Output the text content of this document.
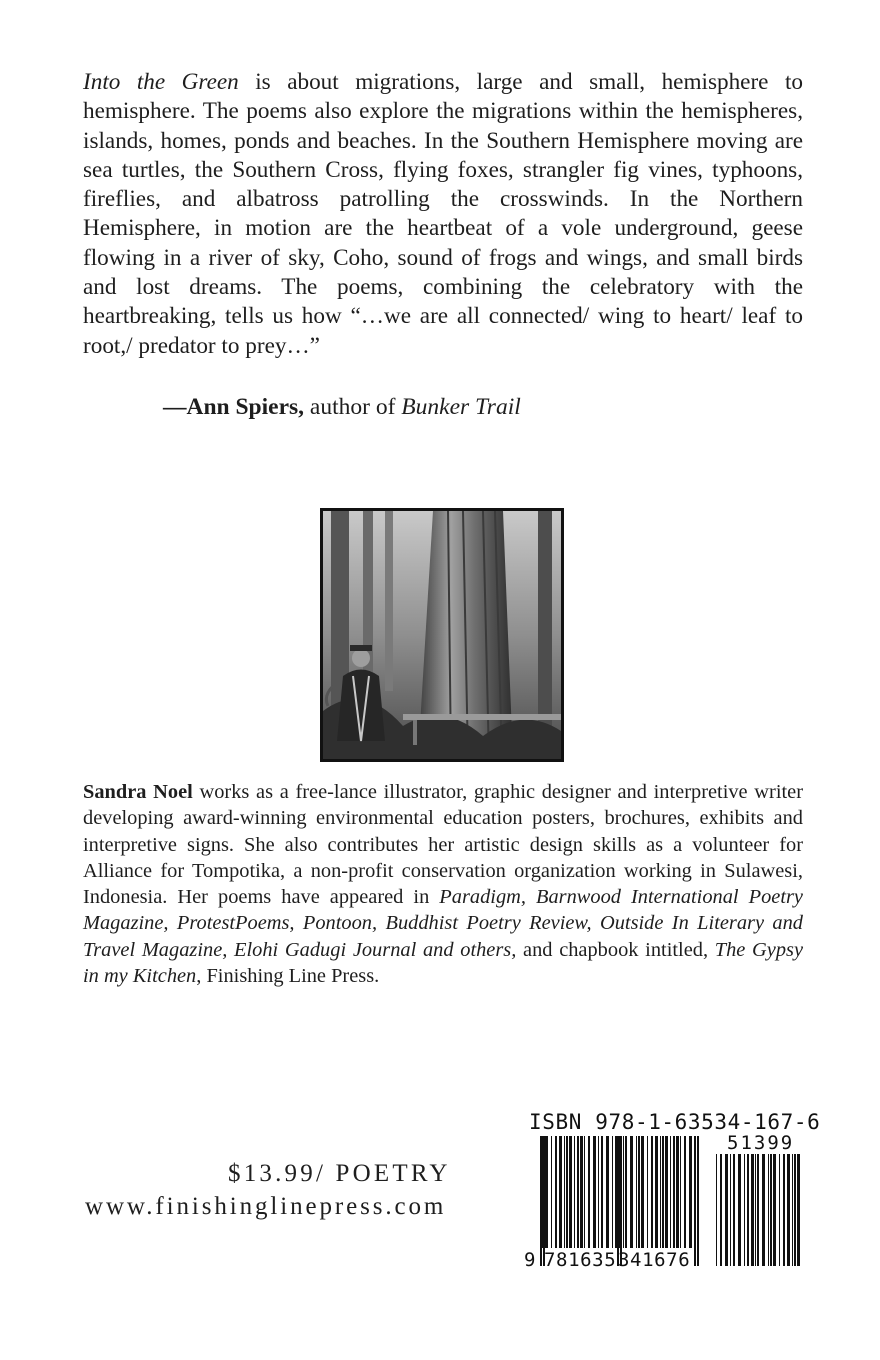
Into the Green is about migrations, large and small, hemisphere to hemisphere. The poems also explore the migrations within the hemispheres, islands, homes, ponds and beaches. In the Southern Hemisphere moving are sea turtles, the Southern Cross, flying foxes, strangler fig vines, typhoons, fireflies, and albatross patrolling the crosswinds. In the Northern Hemisphere, in motion are the heartbeat of a vole underground, geese flowing in a river of sky, Coho, sound of frogs and wings, and small birds and lost dreams. The poems, combining the celebratory with the heartbreaking, tells us how “…we are all connected/ wing to heart/ leaf to root,/ predator to prey…”

—Ann Spiers, author of Bunker Trail

Sandra Noel works as a free-lance illustrator, graphic designer and interpretive writer developing award-winning environmental education posters, brochures, exhibits and interpretive signs. She also contributes her artistic design skills as a volunteer for Alliance for Tompotika, a non-profit conservation organization working in Sulawesi, Indonesia. Her poems have appeared in Paradigm, Barnwood International Poetry Magazine, ProtestPoems, Pontoon, Buddhist Poetry Review, Outside In Literary and Travel Magazine, Elohi Gadugi Journal and others, and chapbook intitled, The Gypsy in my Kitchen, Finishing Line Press.

$13.99/ POETRY
www.finishinglinepress.com
ISBN 978-1-63534-167-6
51399
9 781635 341676
